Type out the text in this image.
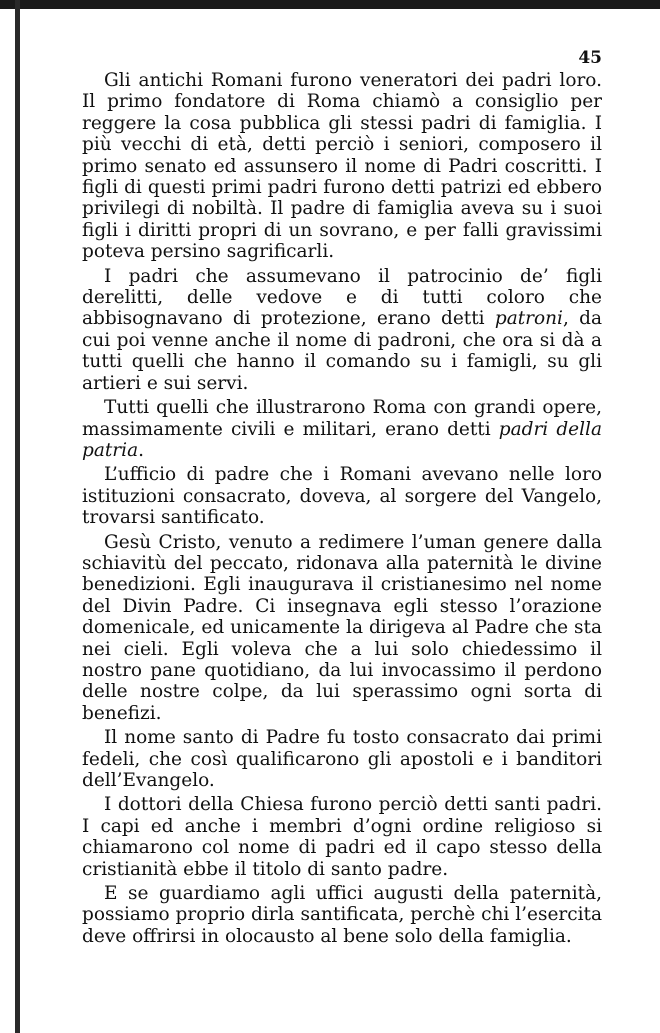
45

Gli antichi Romani furono veneratori dei padri loro. Il primo fondatore di Roma chiamò a consiglio per reggere la cosa pubblica gli stessi padri di famiglia. I più vecchi di età, detti perciò i seniori, composero il primo senato ed assunsero il nome di Padri coscritti. I figli di questi primi padri furono detti patrizi ed ebbero privilegi di nobiltà. Il padre di famiglia aveva su i suoi figli i diritti propri di un sovrano, e per falli gravissimi poteva persino sagrificarli.

I padri che assumevano il patrocinio de’ figli derelitti, delle vedove e di tutti coloro che abbisognavano di protezione, erano detti patroni, da cui poi venne anche il nome di padroni, che ora si dà a tutti quelli che hanno il comando su i famigli, su gli artieri e sui servi.

Tutti quelli che illustrarono Roma con grandi opere, massimamente civili e militari, erano detti padri della patria.

L’ufficio di padre che i Romani avevano nelle loro istituzioni consacrato, doveva, al sorgere del Vangelo, trovarsi santificato.

Gesù Cristo, venuto a redimere l’uman genere dalla schiavitù del peccato, ridonava alla paternità le divine benedizioni. Egli inaugurava il cristianesimo nel nome del Divin Padre. Ci insegnava egli stesso l’orazione domenicale, ed unicamente la dirigeva al Padre che sta nei cieli. Egli voleva che a lui solo chiedessimo il nostro pane quotidiano, da lui invocassimo il perdono delle nostre colpe, da lui sperassimo ogni sorta di benefizi.

Il nome santo di Padre fu tosto consacrato dai primi fedeli, che così qualificarono gli apostoli e i banditori dell’Evangelo.

I dottori della Chiesa furono perciò detti santi padri. I capi ed anche i membri d’ogni ordine religioso si chiamarono col nome di padri ed il capo stesso della cristianità ebbe il titolo di santo padre.

E se guardiamo agli uffici augusti della paternità, possiamo proprio dirla santificata, perchè chi l’esercita deve offrirsi in olocausto al bene solo della famiglia.
